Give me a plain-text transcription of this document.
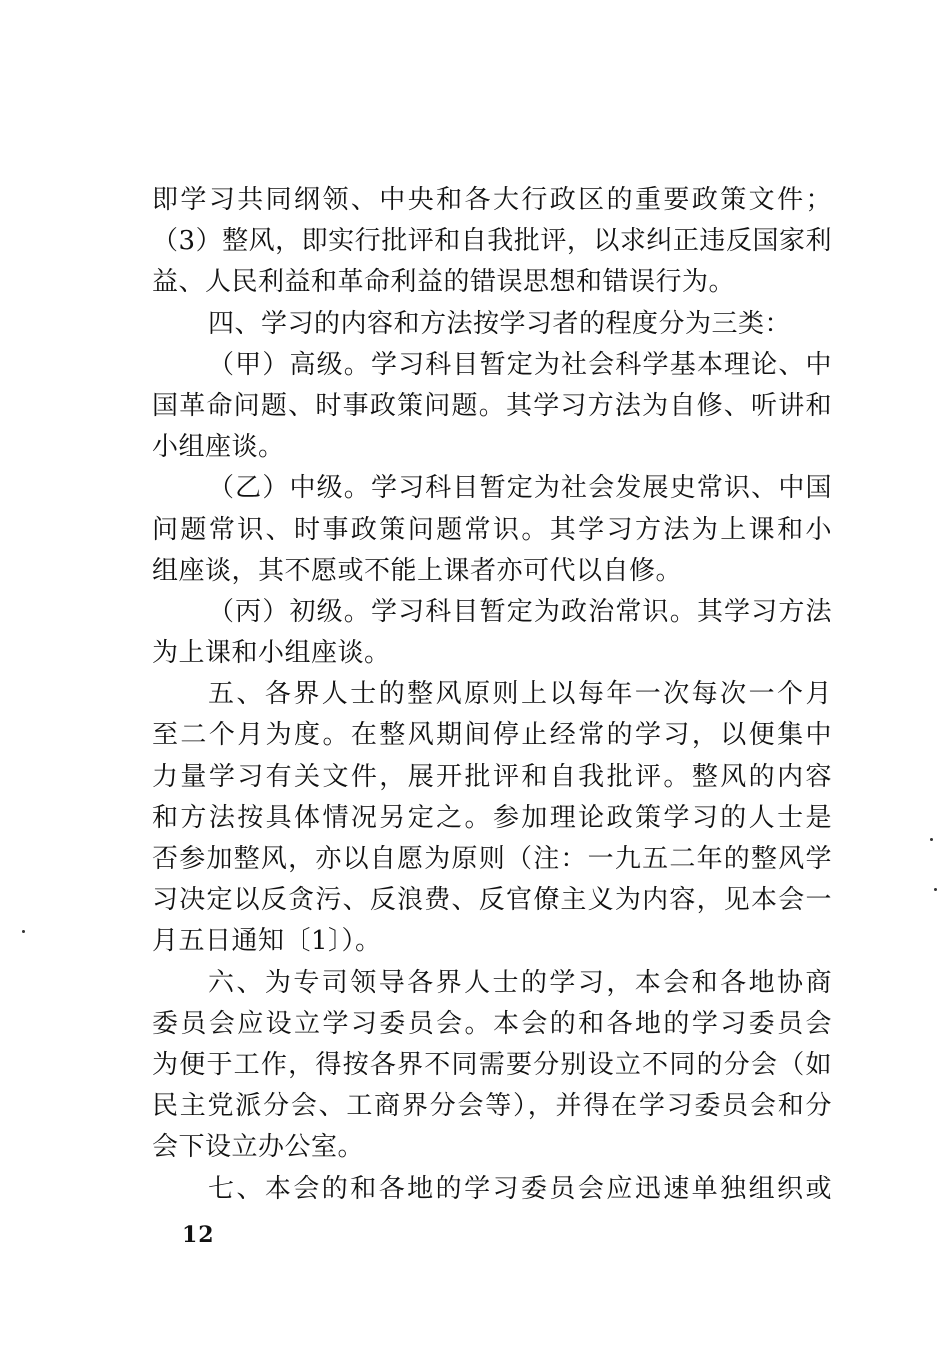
即学习共同纲领、中央和各大行政区的重要政策文件；
（3）整风，即实行批评和自我批评，以求纠正违反国家利
益、人民利益和革命利益的错误思想和错误行为。
四、学习的内容和方法按学习者的程度分为三类：
（甲）高级。学习科目暂定为社会科学基本理论、中
国革命问题、时事政策问题。其学习方法为自修、听讲和
小组座谈。
（乙）中级。学习科目暂定为社会发展史常识、中国
问题常识、时事政策问题常识。其学习方法为上课和小
组座谈，其不愿或不能上课者亦可代以自修。
（丙）初级。学习科目暂定为政治常识。其学习方法
为上课和小组座谈。
五、各界人士的整风原则上以每年一次每次一个月
至二个月为度。在整风期间停止经常的学习，以便集中
力量学习有关文件，展开批评和自我批评。整风的内容
和方法按具体情况另定之。参加理论政策学习的人士是
否参加整风，亦以自愿为原则（注：一九五二年的整风学
习决定以反贪污、反浪费、反官僚主义为内容，见本会一
月五日通知〔1〕）。
六、为专司领导各界人士的学习，本会和各地协商
委员会应设立学习委员会。本会的和各地的学习委员会
为便于工作，得按各界不同需要分别设立不同的分会（如
民主党派分会、工商界分会等），并得在学习委员会和分
会下设立办公室。
七、本会的和各地的学习委员会应迅速单独组织或
12
